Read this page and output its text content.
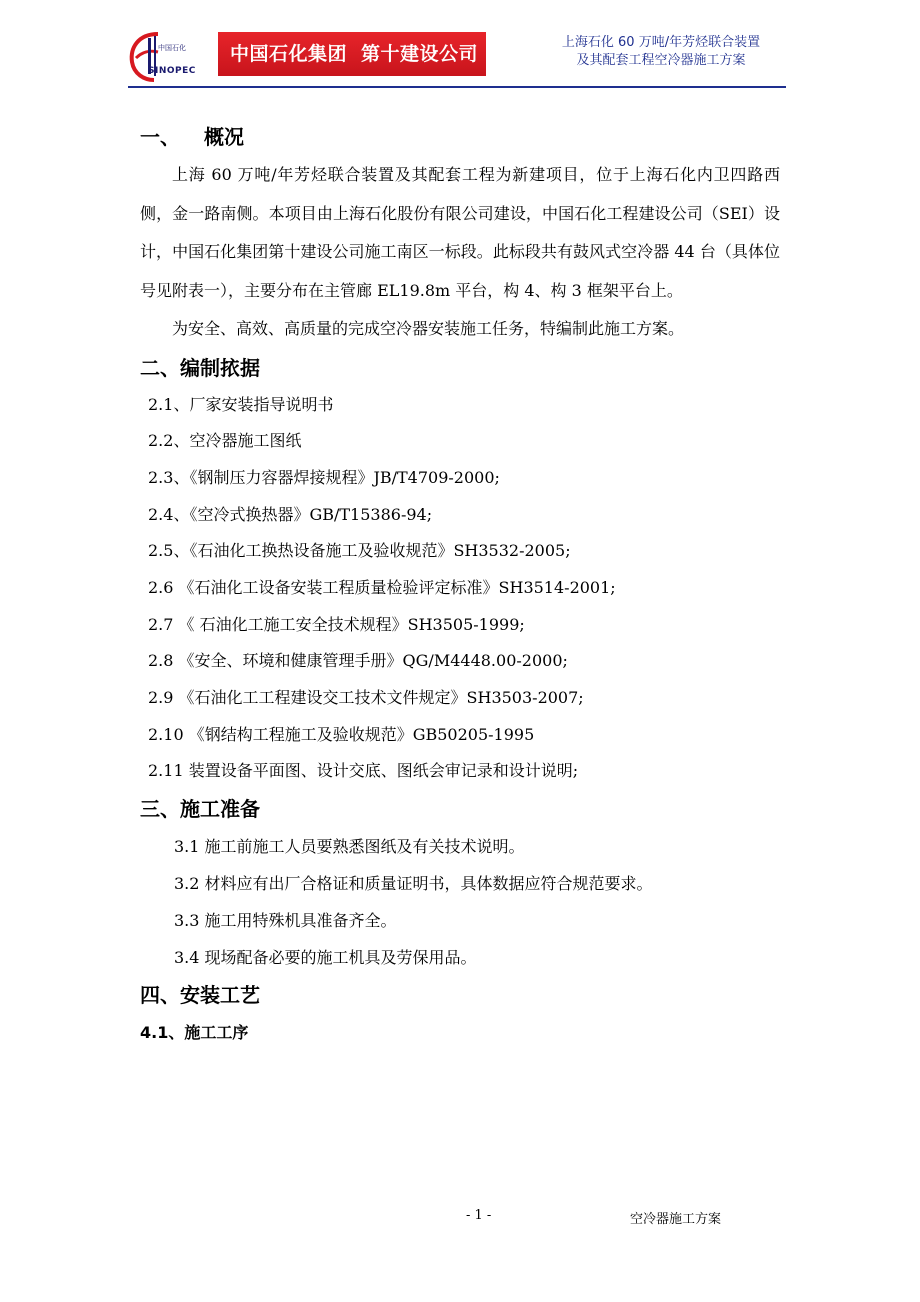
中国石化
SINOPEC
中国石化集团 第十建设公司
上海石化 60 万吨/年芳烃联合装置
及其配套工程空冷器施工方案
一、 概况

上海 60 万吨/年芳烃联合装置及其配套工程为新建项目，位于上海石化内卫四路西侧，金一路南侧。本项目由上海石化股份有限公司建设，中国石化工程建设公司（SEI）设计，中国石化集团第十建设公司施工南区一标段。此标段共有鼓风式空冷器 44 台（具体位号见附表一），主要分布在主管廊 EL19.8m 平台，构 4、构 3 框架平台上。

为安全、高效、高质量的完成空冷器安装施工任务，特编制此施工方案。

二、编制挔据
2.1、厂家安装指导说明书
2.2、空冷器施工图纸
2.3、《钢制压力容器焊接规程》JB/T4709-2000;
2.4、《空冷式换热器》GB/T15386-94;
2.5、《石油化工换热设备施工及验收规范》SH3532-2005;
2.6 《石油化工设备安装工程质量检验评定标准》SH3514-2001;
2.7 《 石油化工施工安全技术规程》SH3505-1999;
2.8 《安全、环境和健康管理手册》QG/M4448.00-2000;
2.9 《石油化工工程建设交工技术文件规定》SH3503-2007;
2.10 《钢结构工程施工及验收规范》GB50205-1995
2.11 装置设备平面图、设计交底、图纸会审记录和设计说明;
三、施工准备
3.1 施工前施工人员要熟悉图纸及有关技术说明。
3.2 材料应有出厂合格证和质量证明书，具体数据应符合规范要求。
3.3 施工用特殊机具准备齐全。
3.4 现场配备必要的施工机具及劳保用品。
四、安装工艺
4.1、施工工序
- 1 -	空冷器施工方案
